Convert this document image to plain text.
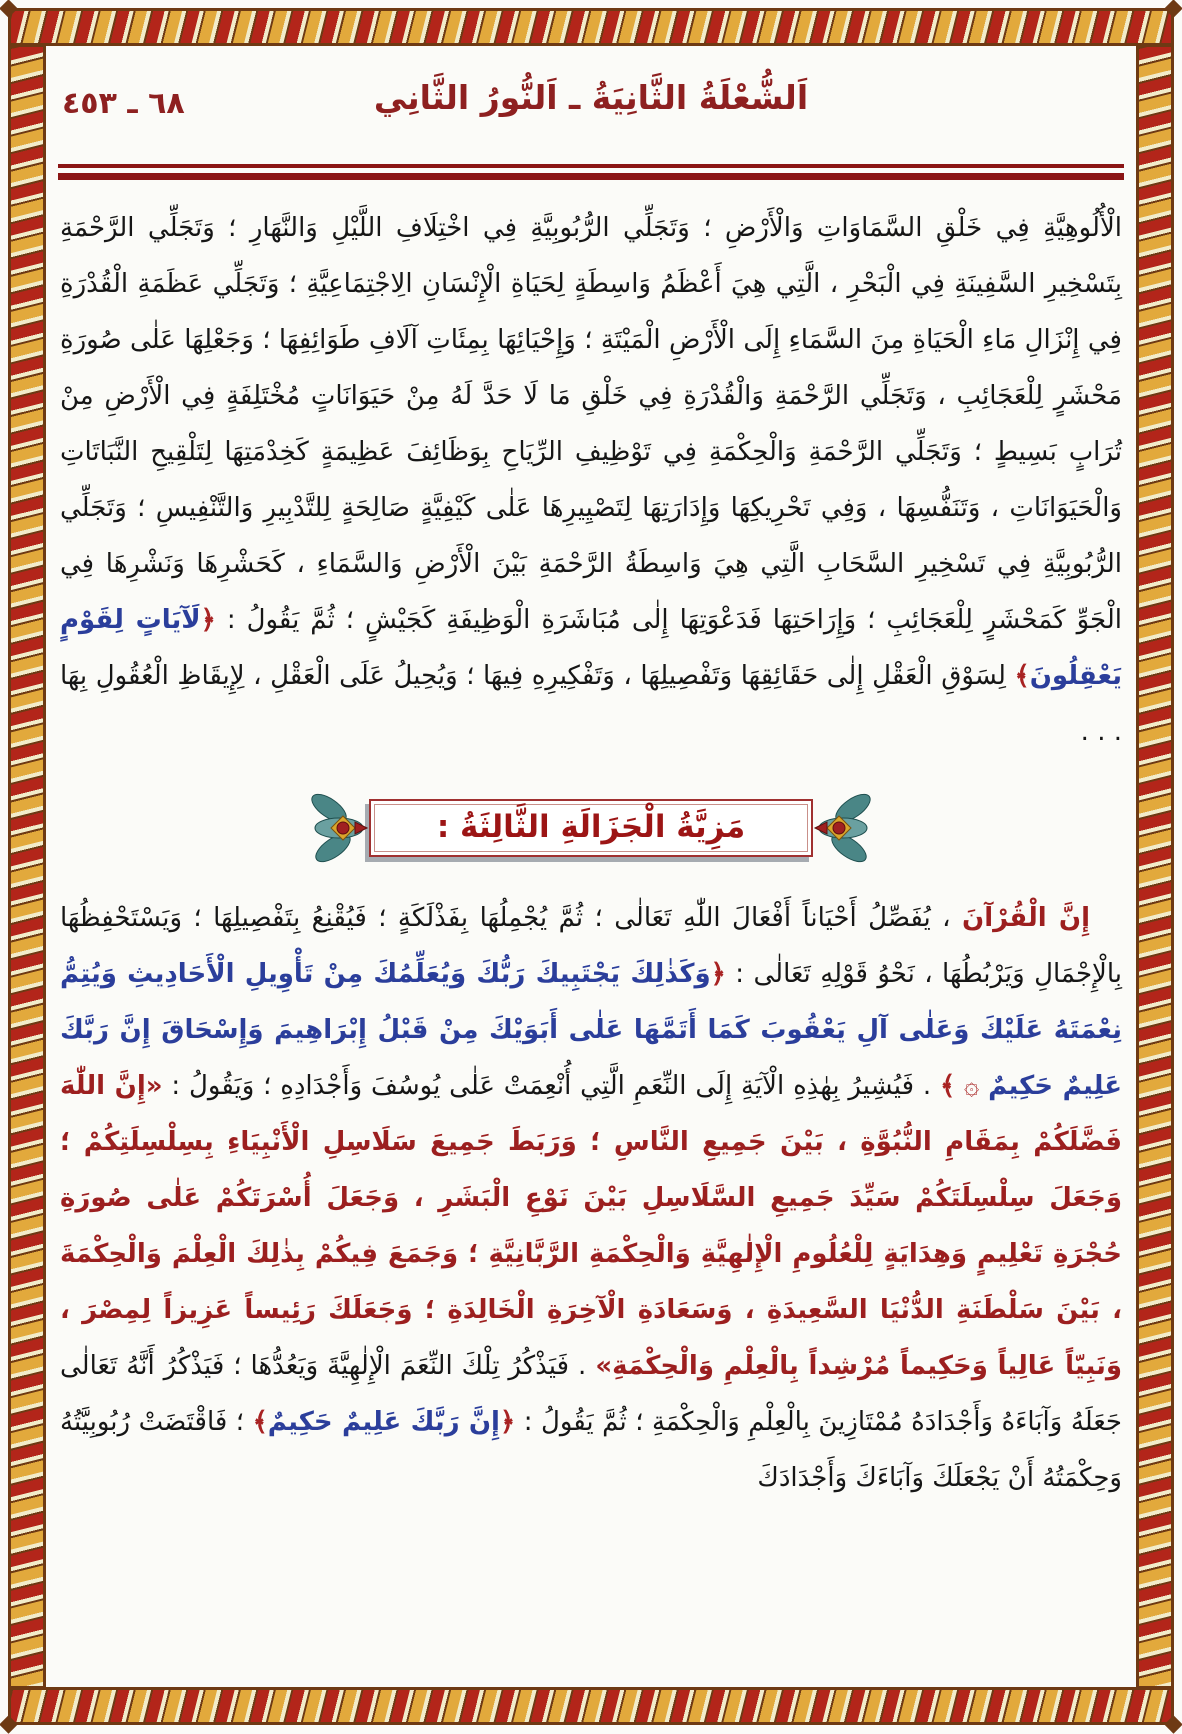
٦٨ ـ ٤٥٣	اَلشُّعْلَةُ الثَّانِيَةُ ـ اَلنُّورُ الثَّانِي

الْأُلُوهِيَّةِ فِي خَلْقِ السَّمَاوَاتِ وَالْأَرْضِ ؛ وَتَجَلِّي الرُّبُوبِيَّةِ فِي اخْتِلَافِ اللَّيْلِ وَالنَّهَارِ ؛ وَتَجَلِّي الرَّحْمَةِ بِتَسْخِيرِ السَّفِينَةِ فِي الْبَحْرِ ، الَّتِي هِيَ أَعْظَمُ وَاسِطَةٍ لِحَيَاةِ الْإِنْسَانِ الِاجْتِمَاعِيَّةِ ؛ وَتَجَلِّي عَظَمَةِ الْقُدْرَةِ فِي إِنْزَالِ مَاءِ الْحَيَاةِ مِنَ السَّمَاءِ إِلَى الْأَرْضِ الْمَيْتَةِ ؛ وَإِحْيَائِهَا بِمِئَاتِ آلَافِ طَوَائِفِهَا ؛ وَجَعْلِهَا عَلٰى صُورَةِ مَحْشَرٍ لِلْعَجَائِبِ ، وَتَجَلِّي الرَّحْمَةِ وَالْقُدْرَةِ فِي خَلْقِ مَا لَا حَدَّ لَهُ مِنْ حَيَوَانَاتٍ مُخْتَلِفَةٍ فِي الْأَرْضِ مِنْ تُرَابٍ بَسِيطٍ ؛ وَتَجَلِّي الرَّحْمَةِ وَالْحِكْمَةِ فِي تَوْظِيفِ الرِّيَاحِ بِوَظَائِفَ عَظِيمَةٍ كَخِدْمَتِهَا لِتَلْقِيحِ النَّبَاتَاتِ وَالْحَيَوَانَاتِ ، وَتَنَفُّسِهَا ، وَفِي تَحْرِيكِهَا وَإِدَارَتِهَا لِتَصْيِيرِهَا عَلٰى كَيْفِيَّةٍ صَالِحَةٍ لِلتَّدْبِيرِ وَالتَّنْفِيسِ ؛ وَتَجَلِّي الرُّبُوبِيَّةِ فِي تَسْخِيرِ السَّحَابِ الَّتِي هِيَ وَاسِطَةُ الرَّحْمَةِ بَيْنَ الْأَرْضِ وَالسَّمَاءِ ، كَحَشْرِهَا وَنَشْرِهَا فِي الْجَوِّ كَمَحْشَرٍ لِلْعَجَائِبِ ؛ وَإِرَاحَتِهَا فَدَعْوَتِهَا إِلٰى مُبَاشَرَةِ الْوَظِيفَةِ كَجَيْشٍ ؛ ثُمَّ يَقُولُ : ﴿لَآيَاتٍ لِقَوْمٍ يَعْقِلُونَ﴾ لِسَوْقِ الْعَقْلِ إِلٰى حَقَائِقِهَا وَتَفْصِيلِهَا ، وَتَفْكِيرِهِ فِيهَا ؛ وَيُحِيلُ عَلَى الْعَقْلِ ، لِإِيقَاظِ الْعُقُولِ بِهَا . . .

مَزِيَّةُ الْجَزَالَةِ الثَّالِثَةُ :

إِنَّ الْقُرْآنَ ، يُفَصِّلُ أَحْيَاناً أَفْعَالَ اللّٰهِ تَعَالٰى ؛ ثُمَّ يُجْمِلُهَا بِفَذْلَكَةٍ ؛ فَيُقْنِعُ بِتَفْصِيلِهَا ؛ وَيَسْتَحْفِظُهَا بِالْإِجْمَالِ وَيَرْبُطُهَا ، نَحْوُ قَوْلِهِ تَعَالٰى : ﴿وَكَذٰلِكَ يَجْتَبِيكَ رَبُّكَ وَيُعَلِّمُكَ مِنْ تَأْوِيلِ الْأَحَادِيثِ وَيُتِمُّ نِعْمَتَهُ عَلَيْكَ وَعَلٰى آلِ يَعْقُوبَ كَمَا أَتَمَّهَا عَلٰى أَبَوَيْكَ مِنْ قَبْلُ إِبْرَاهِيمَ وَإِسْحَاقَ إِنَّ رَبَّكَ عَلِيمٌ حَكِيمٌ ۞ ﴾ . فَيُشِيرُ بِهٰذِهِ الْآيَةِ إِلَى النِّعَمِ الَّتِي أُنْعِمَتْ عَلٰى يُوسُفَ وَأَجْدَادِهِ ؛ وَيَقُولُ : «إِنَّ اللّٰهَ فَضَّلَكُمْ بِمَقَامِ النُّبُوَّةِ ، بَيْنَ جَمِيعِ النَّاسِ ؛ وَرَبَطَ جَمِيعَ سَلَاسِلِ الْأَنْبِيَاءِ بِسِلْسِلَتِكُمْ ؛ وَجَعَلَ سِلْسِلَتَكُمْ سَيِّدَ جَمِيعِ السَّلَاسِلِ بَيْنَ نَوْعِ الْبَشَرِ ، وَجَعَلَ أُسْرَتَكُمْ عَلٰى صُورَةِ حُجْرَةِ تَعْلِيمٍ وَهِدَايَةٍ لِلْعُلُومِ الْإِلٰهِيَّةِ وَالْحِكْمَةِ الرَّبَّانِيَّةِ ؛ وَجَمَعَ فِيكُمْ بِذٰلِكَ الْعِلْمَ وَالْحِكْمَةَ ، بَيْنَ سَلْطَنَةِ الدُّنْيَا السَّعِيدَةِ ، وَسَعَادَةِ الْآخِرَةِ الْخَالِدَةِ ؛ وَجَعَلَكَ رَئِيساً عَزِيزاً لِمِصْرَ ، وَنَبِيّاً عَالِياً وَحَكِيماً مُرْشِداً بِالْعِلْمِ وَالْحِكْمَةِ» . فَيَذْكُرُ تِلْكَ النِّعَمَ الْإِلٰهِيَّةَ وَيَعُدُّهَا ؛ فَيَذْكُرُ أَنَّهُ تَعَالٰى جَعَلَهُ وَآبَاءَهُ وَأَجْدَادَهُ مُمْتَازِينَ بِالْعِلْمِ وَالْحِكْمَةِ ؛ ثُمَّ يَقُولُ : ﴿إِنَّ رَبَّكَ عَلِيمٌ حَكِيمٌ﴾ ؛ فَاقْتَضَتْ رُبُوبِيَّتُهُ وَحِكْمَتُهُ أَنْ يَجْعَلَكَ وَآبَاءَكَ وَأَجْدَادَكَ
